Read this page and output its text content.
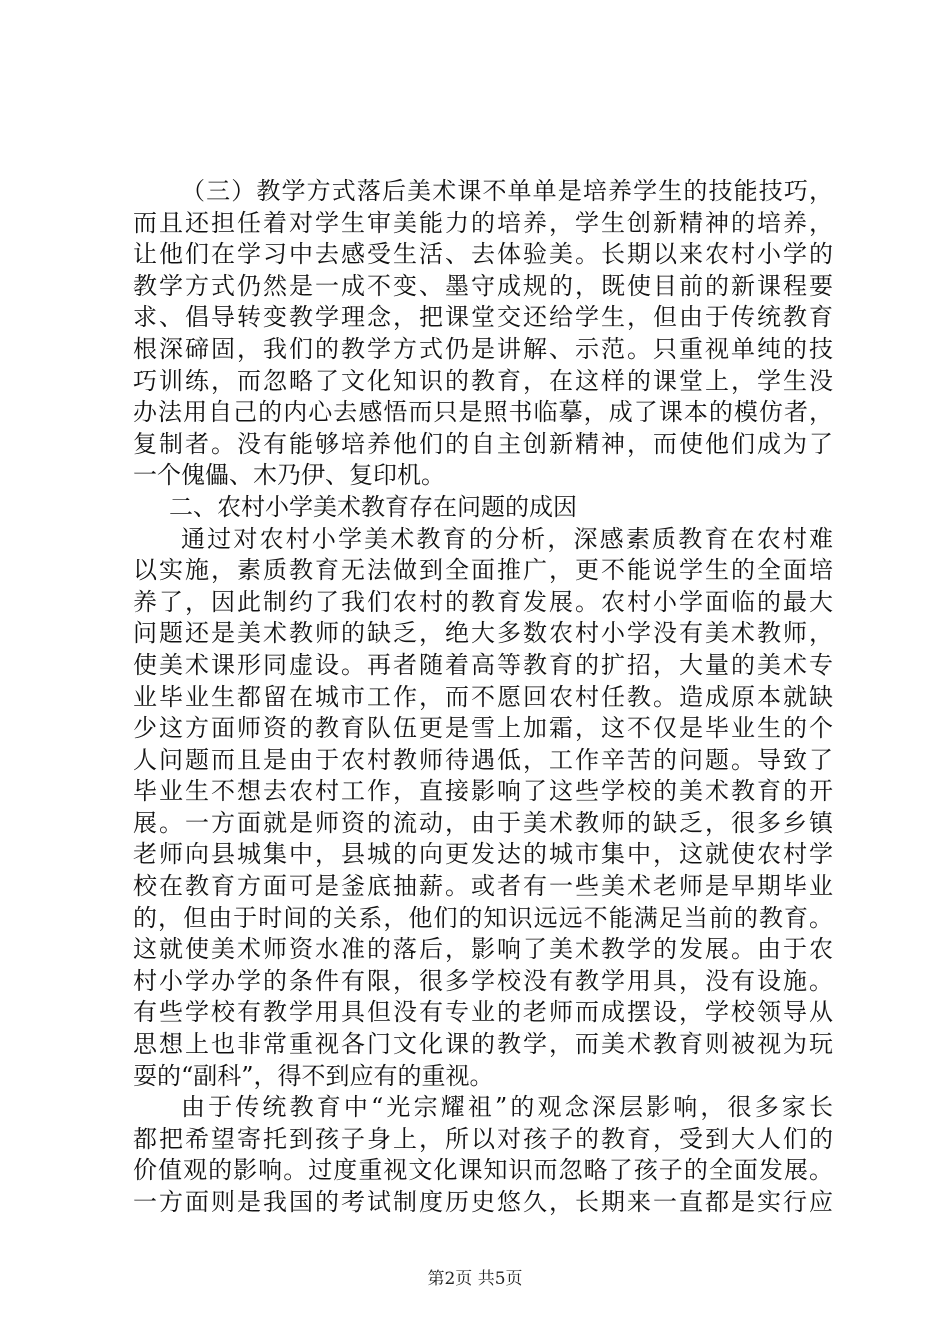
（三）教学方式落后美术课不单单是培养学生的技能技巧，
而且还担任着对学生审美能力的培养，学生创新精神的培养，
让他们在学习中去感受生活、去体验美。长期以来农村小学的
教学方式仍然是一成不变、墨守成规的，既使目前的新课程要
求、倡导转变教学理念，把课堂交还给学生，但由于传统教育
根深碲固，我们的教学方式仍是讲解、示范。只重视单纯的技
巧训练，而忽略了文化知识的教育，在这样的课堂上，学生没
办法用自己的内心去感悟而只是照书临摹，成了课本的模仿者，
复制者。没有能够培养他们的自主创新精神，而使他们成为了
一个傀儡、木乃伊、复印机。
二、农村小学美术教育存在问题的成因
通过对农村小学美术教育的分析，深感素质教育在农村难
以实施，素质教育无法做到全面推广，更不能说学生的全面培
养了，因此制约了我们农村的教育发展。农村小学面临的最大
问题还是美术教师的缺乏，绝大多数农村小学没有美术教师，
使美术课形同虚设。再者随着高等教育的扩招，大量的美术专
业毕业生都留在城市工作，而不愿回农村任教。造成原本就缺
少这方面师资的教育队伍更是雪上加霜，这不仅是毕业生的个
人问题而且是由于农村教师待遇低，工作辛苦的问题。导致了
毕业生不想去农村工作，直接影响了这些学校的美术教育的开
展。一方面就是师资的流动，由于美术教师的缺乏，很多乡镇
老师向县城集中，县城的向更发达的城市集中，这就使农村学
校在教育方面可是釜底抽薪。或者有一些美术老师是早期毕业
的，但由于时间的关系，他们的知识远远不能满足当前的教育。
这就使美术师资水准的落后，影响了美术教学的发展。由于农
村小学办学的条件有限，很多学校没有教学用具，没有设施。
有些学校有教学用具但没有专业的老师而成摆设，学校领导从
思想上也非常重视各门文化课的教学，而美术教育则被视为玩
耍的“副科”，得不到应有的重视。
由于传统教育中“光宗耀祖”的观念深层影响，很多家长
都把希望寄托到孩子身上，所以对孩子的教育，受到大人们的
价值观的影响。过度重视文化课知识而忽略了孩子的全面发展。
一方面则是我国的考试制度历史悠久，长期来一直都是实行应
第2页 共5页
